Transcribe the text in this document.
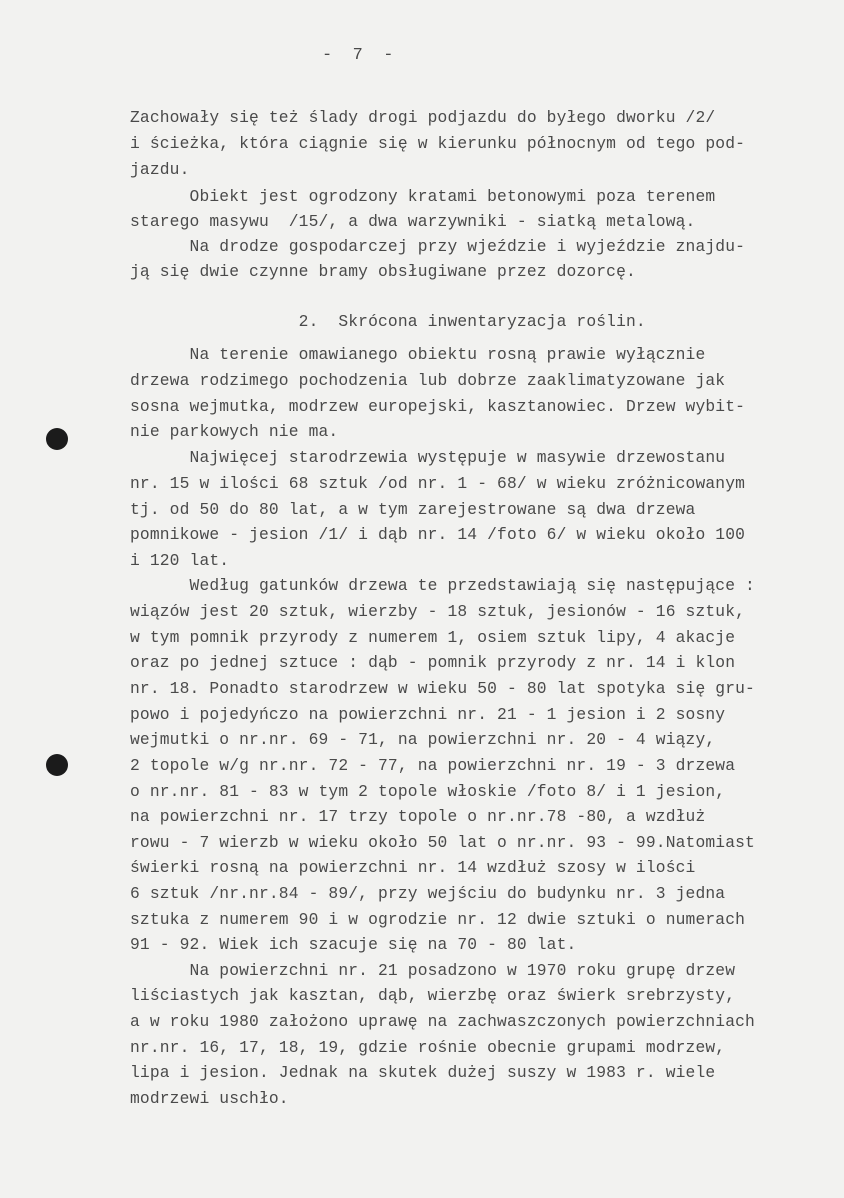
-  7  -
Zachowały się też ślady drogi podjazdu do byłego dworku /2/
i ścieżka, która ciągnie się w kierunku północnym od tego pod-
jazdu.
Obiekt jest ogrodzony kratami betonowymi poza terenem
starego masywu  /15/, a dwa warzywniki - siatką metalową.
Na drodze gospodarczej przy wjeździe i wyjeździe znajdu-
ją się dwie czynne bramy obsługiwane przez dozorcę.
2.  Skrócona inwentaryzacja roślin.
Na terenie omawianego obiektu rosną prawie wyłącznie
drzewa rodzimego pochodzenia lub dobrze zaaklimatyzowane jak
sosna wejmutka, modrzew europejski, kasztanowiec. Drzew wybit-
nie parkowych nie ma.
Najwięcej starodrzewia występuje w masywie drzewostanu
nr. 15 w ilości 68 sztuk /od nr. 1 - 68/ w wieku zróżnicowanym
tj. od 50 do 80 lat, a w tym zarejestrowane są dwa drzewa
pomnikowe - jesion /1/ i dąb nr. 14 /foto 6/ w wieku około 100
i 120 lat.
Według gatunków drzewa te przedstawiają się następujące :
wiązów jest 20 sztuk, wierzby - 18 sztuk, jesionów - 16 sztuk,
w tym pomnik przyrody z numerem 1, osiem sztuk lipy, 4 akacje
oraz po jednej sztuce : dąb - pomnik przyrody z nr. 14 i klon
nr. 18. Ponadto starodrzew w wieku 50 - 80 lat spotyka się gru-
powo i pojedyńczo na powierzchni nr. 21 - 1 jesion i 2 sosny
wejmutki o nr.nr. 69 - 71, na powierzchni nr. 20 - 4 wiązy,
2 topole w/g nr.nr. 72 - 77, na powierzchni nr. 19 - 3 drzewa
o nr.nr. 81 - 83 w tym 2 topole włoskie /foto 8/ i 1 jesion,
na powierzchni nr. 17 trzy topole o nr.nr.78 -80, a wzdłuż
rowu - 7 wierzb w wieku około 50 lat o nr.nr. 93 - 99.Natomiast
świerki rosną na powierzchni nr. 14 wzdłuż szosy w ilości
6 sztuk /nr.nr.84 - 89/, przy wejściu do budynku nr. 3 jedna
sztuka z numerem 90 i w ogrodzie nr. 12 dwie sztuki o numerach
91 - 92. Wiek ich szacuje się na 70 - 80 lat.
Na powierzchni nr. 21 posadzono w 1970 roku grupę drzew
liściastych jak kasztan, dąb, wierzbę oraz świerk srebrzysty,
a w roku 1980 założono uprawę na zachwaszczonych powierzchniach
nr.nr. 16, 17, 18, 19, gdzie rośnie obecnie grupami modrzew,
lipa i jesion. Jednak na skutek dużej suszy w 1983 r. wiele
modrzewi uschło.
